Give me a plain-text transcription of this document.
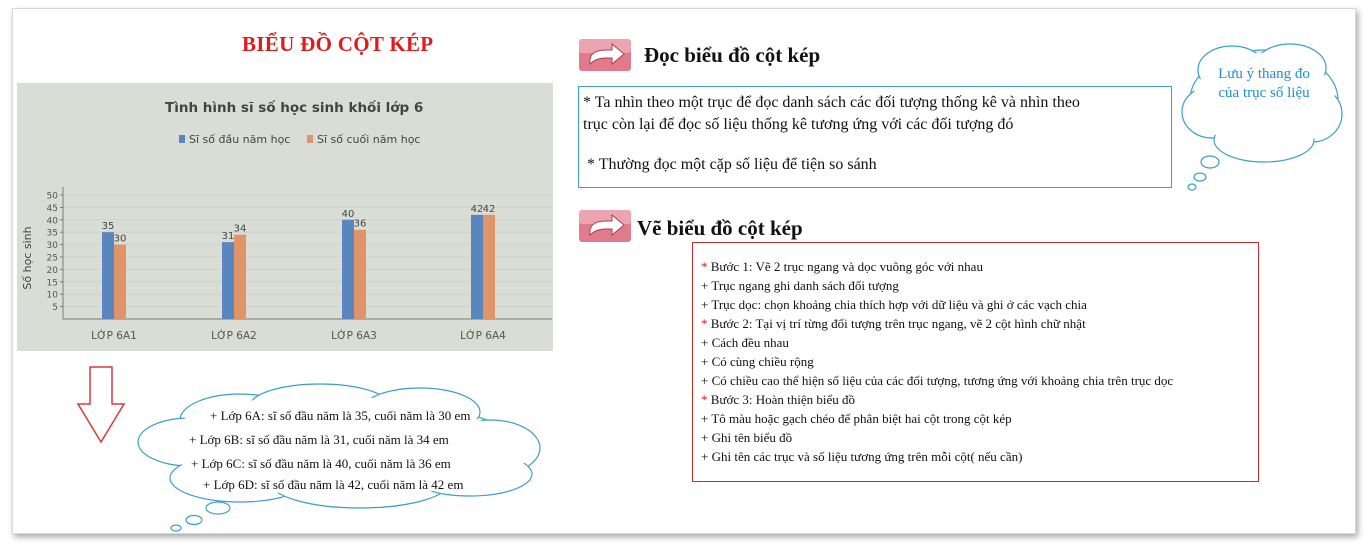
BIỂU ĐỒ CỘT KÉP
5
10
15
20
25
30
35
40
45
50
Tình hình sĩ số học sinh khối lớp 6
Sĩ số đầu năm học Sĩ số cuối năm học
Số học sinh	35
30
LỚP 6A1
31
34
LỚP 6A2
40
36
LỚP 6A3
42 42
LỚP 6A4
+ Lớp 6A: sĩ số đầu năm là 35, cuối năm là 30 em
+ Lớp 6B: sĩ số đầu năm là 31, cuối năm là 34 em
+ Lớp 6C: sĩ số đầu năm là 40, cuối năm là 36 em
+ Lớp 6D: sĩ số đầu năm là 42, cuối năm là 42 em
Đọc biểu đồ cột kép
* Ta nhìn theo một trục để đọc danh sách các đối tượng thống kê và nhìn theo
trục còn lại để đọc số liệu thống kê tương ứng với các đối tượng đó
* Thường đọc một cặp số liệu để tiện so sánh
Lưu ý thang đo
của trục số liệu
Vẽ biểu đồ cột kép
* Bước 1: Vẽ 2 trục ngang và dọc vuông góc với nhau
+ Trục ngang ghi danh sách đối tượng
+ Trục dọc: chọn khoảng chia thích hợp với dữ liệu và ghi ở các vạch chia
* Bước 2: Tại vị trí từng đối tượng trên trục ngang, vẽ 2 cột hình chữ nhật
+ Cách đều nhau
+ Có cùng chiều rộng
+ Có chiều cao thể hiện số liệu của các đối tượng, tương ứng với khoảng chia trên trục dọc
* Bước 3: Hoàn thiện biểu đồ
+ Tô màu hoặc gạch chéo để phân biệt hai cột trong cột kép
+ Ghi tên biểu đồ
+ Ghi tên các trục và số liệu tương ứng trên mỗi cột( nếu cần)
